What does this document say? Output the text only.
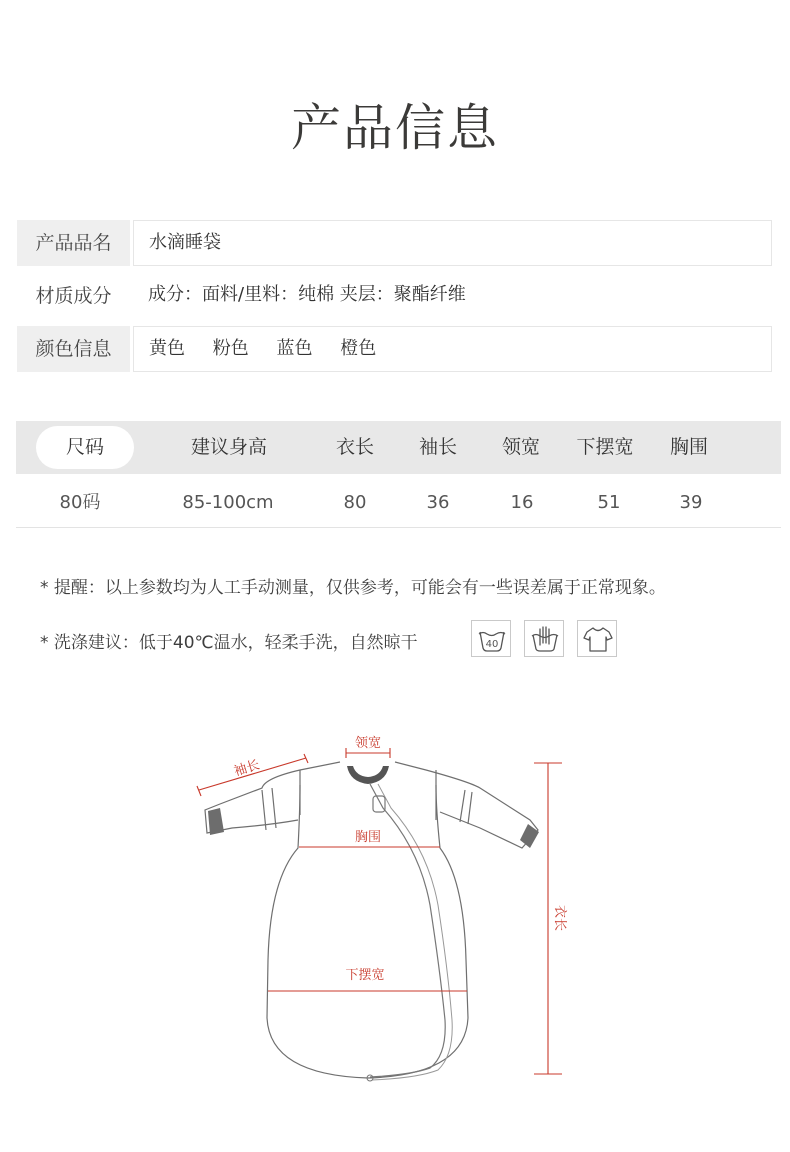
产品信息
产品品名	水滴睡袋
材质成分	成分：面料/里料：纯棉 夹层：聚酯纤维
颜色信息	黄色 粉色 蓝色 橙色
尺码	建议身高	衣长 袖长 领宽 下摆宽 胸围
80码	85-100cm	80	36	16	51	39
* 提醒：以上参数均为人工手动测量，仅供参考，可能会有一些误差属于正常现象。
* 洗涤建议：低于40℃温水，轻柔手洗，自然晾干	40
袖长
领宽
胸围
下摆宽
衣长
